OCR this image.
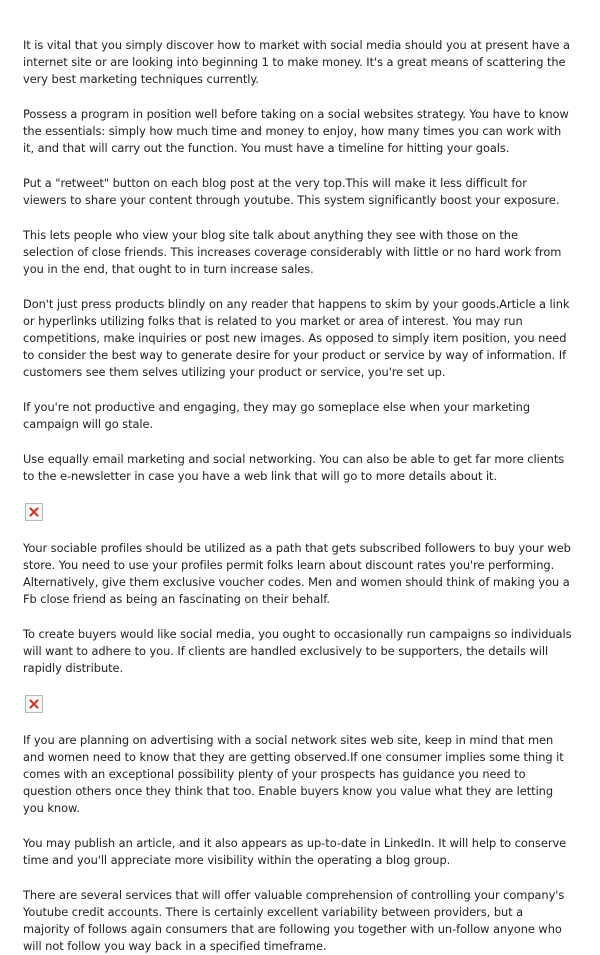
It is vital that you simply discover how to market with social media should you at present have a internet site or are looking into beginning 1 to make money. It's a great means of scattering the very best marketing techniques currently.

Possess a program in position well before taking on a social websites strategy. You have to know the essentials: simply how much time and money to enjoy, how many times you can work with it, and that will carry out the function. You must have a timeline for hitting your goals.

Put a "retweet" button on each blog post at the very top.This will make it less difficult for viewers to share your content through youtube. This system significantly boost your exposure.

This lets people who view your blog site talk about anything they see with those on the selection of close friends. This increases coverage considerably with little or no hard work from you in the end, that ought to in turn increase sales.

Don't just press products blindly on any reader that happens to skim by your goods.Article a link or hyperlinks utilizing folks that is related to you market or area of interest. You may run competitions, make inquiries or post new images. As opposed to simply item position, you need to consider the best way to generate desire for your product or service by way of information. If customers see them selves utilizing your product or service, you're set up.

If you're not productive and engaging, they may go someplace else when your marketing campaign will go stale.

Use equally email marketing and social networking. You can also be able to get far more clients to the e-newsletter in case you have a web link that will go to more details about it.

Your sociable profiles should be utilized as a path that gets subscribed followers to buy your web store. You need to use your profiles permit folks learn about discount rates you're performing. Alternatively, give them exclusive voucher codes. Men and women should think of making you a Fb close friend as being an fascinating on their behalf.

To create buyers would like social media, you ought to occasionally run campaigns so individuals will want to adhere to you. If clients are handled exclusively to be supporters, the details will rapidly distribute.

If you are planning on advertising with a social network sites web site, keep in mind that men and women need to know that they are getting observed.If one consumer implies some thing it comes with an exceptional possibility plenty of your prospects has guidance you need to question others once they think that too. Enable buyers know you value what they are letting you know.

You may publish an article, and it also appears as up-to-date in LinkedIn. It will help to conserve time and you'll appreciate more visibility within the operating a blog group.

There are several services that will offer valuable comprehension of controlling your company's Youtube credit accounts. There is certainly excellent variability between providers, but a majority of follows again consumers that are following you together with un-follow anyone who will not follow you way back in a specified timeframe.
